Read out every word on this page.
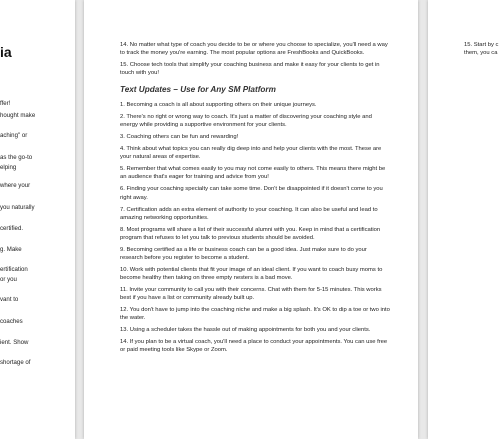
ia
ffer!
hought make
aching" or
as the go-to
elping
where your
you naturally
certified.
g. Make
ertification
or you
vant to
coaches
ient. Show
shortage of

14. No matter what type of coach you decide to be or where you choose to specialize, you'll need a way to track the money you're earning. The most popular options are FreshBooks and QuickBooks.

15. Choose tech tools that simplify your coaching business and make it easy for your clients to get in touch with you!

Text Updates – Use for Any SM Platform

1. Becoming a coach is all about supporting others on their unique journeys.

2. There's no right or wrong way to coach. It's just a matter of discovering your coaching style and energy while providing a supportive environment for your clients.

3. Coaching others can be fun and rewarding!

4. Think about what topics you can really dig deep into and help your clients with the most. These are your natural areas of expertise.

5. Remember that what comes easily to you may not come easily to others. This means there might be an audience that's eager for training and advice from you!

6. Finding your coaching specialty can take some time. Don't be disappointed if it doesn't come to you right away.

7. Certification adds an extra element of authority to your coaching. It can also be useful and lead to amazing networking opportunities.

8. Most programs will share a list of their successful alumni with you. Keep in mind that a certification program that refuses to let you talk to previous students should be avoided.

9. Becoming certified as a life or business coach can be a good idea. Just make sure to do your research before you register to become a student.

10. Work with potential clients that fit your image of an ideal client. If you want to coach busy moms to become healthy then taking on three empty nesters is a bad move.

11. Invite your community to call you with their concerns. Chat with them for 5-15 minutes. This works best if you have a list or community already built up.

12. You don't have to jump into the coaching niche and make a big splash. It's OK to dip a toe or two into the water.

13. Using a scheduler takes the hassle out of making appointments for both you and your clients.

14. If you plan to be a virtual coach, you'll need a place to conduct your appointments. You can use free or paid meeting tools like Skype or Zoom.

15. Start by c
them, you ca
